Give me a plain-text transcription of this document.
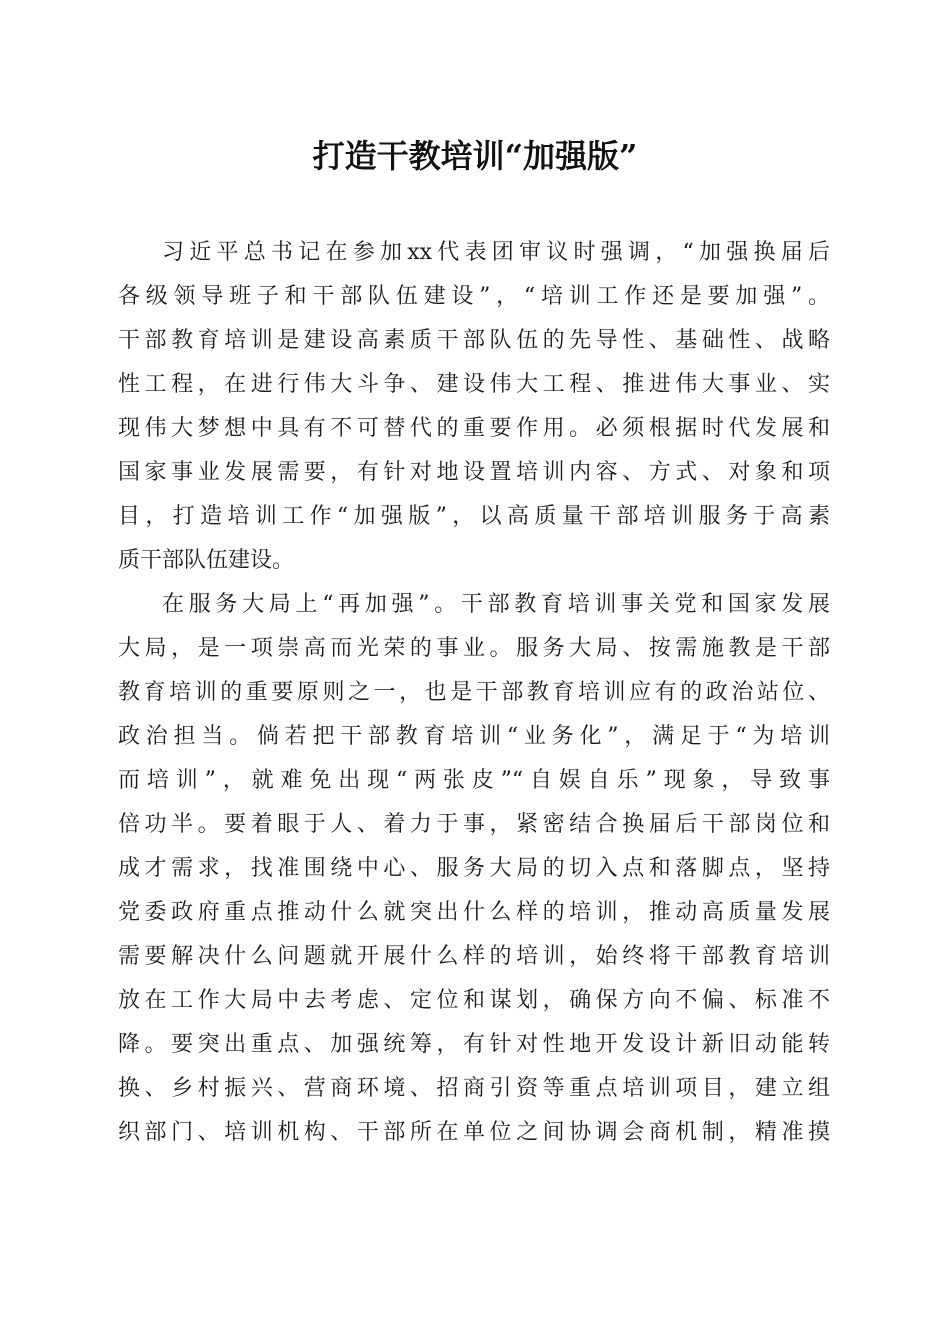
打造干教培训“加强版”
习近平总书记在参加xx代表团审议时强调，“加强换届后
各级领导班子和干部队伍建设”，“培训工作还是要加强”。
干部教育培训是建设高素质干部队伍的先导性、基础性、战略
性工程，在进行伟大斗争、建设伟大工程、推进伟大事业、实
现伟大梦想中具有不可替代的重要作用。必须根据时代发展和
国家事业发展需要，有针对地设置培训内容、方式、对象和项
目，打造培训工作“加强版”，以高质量干部培训服务于高素
质干部队伍建设。
在服务大局上“再加强”。干部教育培训事关党和国家发展
大局，是一项崇高而光荣的事业。服务大局、按需施教是干部
教育培训的重要原则之一，也是干部教育培训应有的政治站位、
政治担当。倘若把干部教育培训“业务化”，满足于“为培训
而培训”，就难免出现“两张皮”“自娱自乐”现象，导致事
倍功半。要着眼于人、着力于事，紧密结合换届后干部岗位和
成才需求，找准围绕中心、服务大局的切入点和落脚点，坚持
党委政府重点推动什么就突出什么样的培训，推动高质量发展
需要解决什么问题就开展什么样的培训，始终将干部教育培训
放在工作大局中去考虑、定位和谋划，确保方向不偏、标准不
降。要突出重点、加强统筹，有针对性地开发设计新旧动能转
换、乡村振兴、营商环境、招商引资等重点培训项目，建立组
织部门、培训机构、干部所在单位之间协调会商机制，精准摸
